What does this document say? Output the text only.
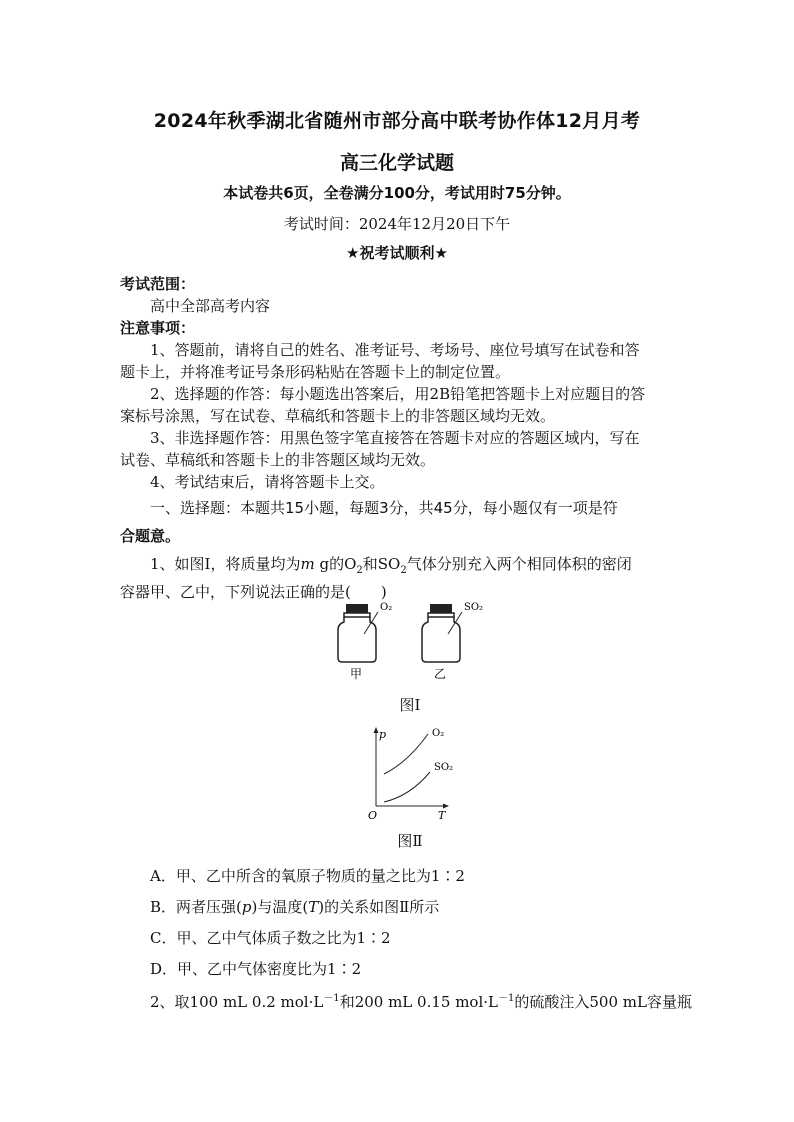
2024年秋季湖北省随州市部分高中联考协作体12月月考
高三化学试题
本试卷共6页，全卷满分100分，考试用时75分钟。
考试时间：2024年12月20日下午
★祝考试顺利★
考试范围：
高中全部高考内容
注意事项：
1、答题前，请将自己的姓名、准考证号、考场号、座位号填写在试卷和答
题卡上，并将准考证号条形码粘贴在答题卡上的制定位置。
2、选择题的作答：每小题选出答案后，用2B铅笔把答题卡上对应题目的答
案标号涂黑，写在试卷、草稿纸和答题卡上的非答题区域均无效。
3、非选择题作答：用黑色签字笔直接答在答题卡对应的答题区域内，写在
试卷、草稿纸和答题卡上的非答题区域均无效。
4、考试结束后，请将答题卡上交。
一、选择题：本题共15小题，每题3分，共45分，每小题仅有一项是符
合题意。
1、如图Ⅰ，将质量均为m g的$O_2$和$SO_2$气体分别充入两个相同体积的密闭
容器甲、乙中，下列说法正确的是(　　)
O₂
甲
SO₂
乙
图Ⅰ
p
T
O
O₂
SO₂
图Ⅱ
A．甲、乙中所含的氧原子物质的量之比为1∶2
B．两者压强(p)与温度(T)的关系如图Ⅱ所示
C．甲、乙中气体质子数之比为1∶2
D．甲、乙中气体密度比为1∶2
2、取100 mL 0.2 $mol\cdot L^{-1}$和200 mL 0.15 $mol\cdot L^{-1}$的硫酸注入500 mL容量瓶
